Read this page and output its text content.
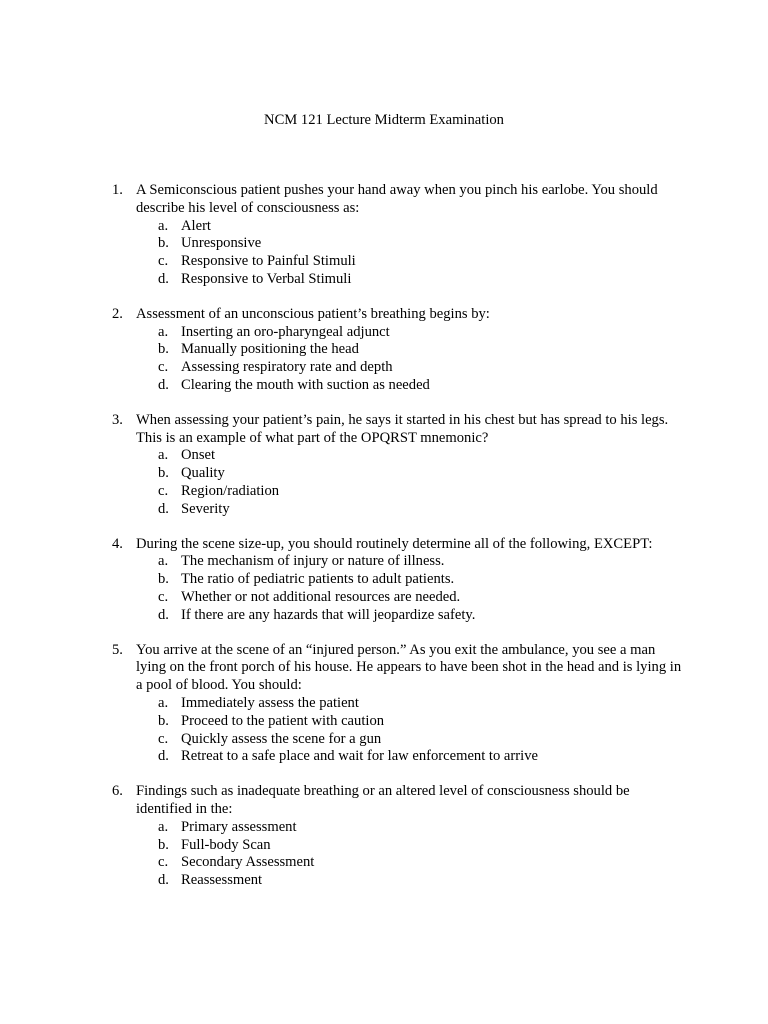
NCM 121 Lecture Midterm Examination
1. A Semiconscious patient pushes your hand away when you pinch his earlobe. You should describe his level of consciousness as:
a. Alert
b. Unresponsive
c. Responsive to Painful Stimuli
d. Responsive to Verbal Stimuli
2. Assessment of an unconscious patient’s breathing begins by:
a. Inserting an oro-pharyngeal adjunct
b. Manually positioning the head
c. Assessing respiratory rate and depth
d. Clearing the mouth with suction as needed
3. When assessing your patient’s pain, he says it started in his chest but has spread to his legs. This is an example of what part of the OPQRST mnemonic?
a. Onset
b. Quality
c. Region/radiation
d. Severity
4. During the scene size-up, you should routinely determine all of the following, EXCEPT:
a. The mechanism of injury or nature of illness.
b. The ratio of pediatric patients to adult patients.
c. Whether or not additional resources are needed.
d. If there are any hazards that will jeopardize safety.
5. You arrive at the scene of an “injured person.” As you exit the ambulance, you see a man lying on the front porch of his house. He appears to have been shot in the head and is lying in a pool of blood. You should:
a. Immediately assess the patient
b. Proceed to the patient with caution
c. Quickly assess the scene for a gun
d. Retreat to a safe place and wait for law enforcement to arrive
6. Findings such as inadequate breathing or an altered level of consciousness should be identified in the:
a. Primary assessment
b. Full-body Scan
c. Secondary Assessment
d. Reassessment
